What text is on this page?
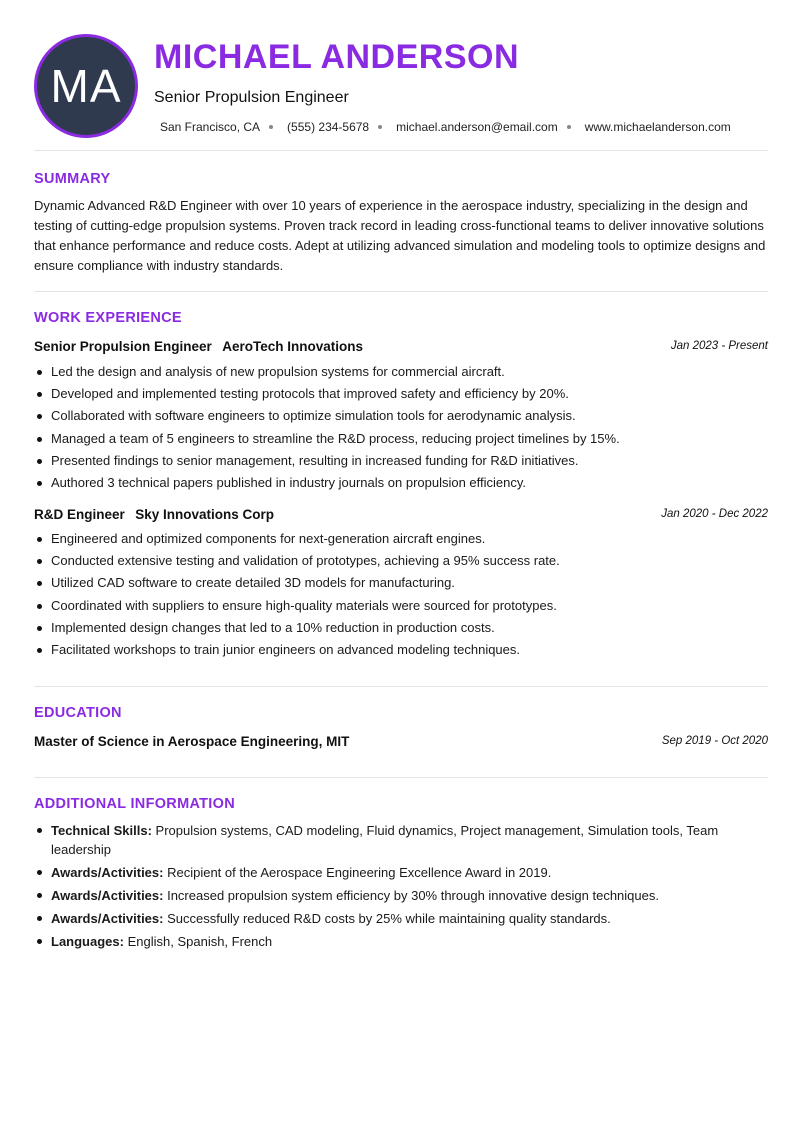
MA
MICHAEL ANDERSON
Senior Propulsion Engineer
San Francisco, CA (555) 234-5678 michael.anderson@email.com www.michaelanderson.com
SUMMARY
Dynamic Advanced R&D Engineer with over 10 years of experience in the aerospace industry, specializing in the design and testing of cutting-edge propulsion systems. Proven track record in leading cross-functional teams to deliver innovative solutions that enhance performance and reduce costs. Adept at utilizing advanced simulation and modeling tools to optimize designs and ensure compliance with industry standards.
WORK EXPERIENCE
Senior Propulsion Engineer AeroTech Innovations	Jan 2023 - Present
Led the design and analysis of new propulsion systems for commercial aircraft.
Developed and implemented testing protocols that improved safety and efficiency by 20%.
Collaborated with software engineers to optimize simulation tools for aerodynamic analysis.
Managed a team of 5 engineers to streamline the R&D process, reducing project timelines by 15%.
Presented findings to senior management, resulting in increased funding for R&D initiatives.
Authored 3 technical papers published in industry journals on propulsion efficiency.
R&D Engineer Sky Innovations Corp	Jan 2020 - Dec 2022
Engineered and optimized components for next-generation aircraft engines.
Conducted extensive testing and validation of prototypes, achieving a 95% success rate.
Utilized CAD software to create detailed 3D models for manufacturing.
Coordinated with suppliers to ensure high-quality materials were sourced for prototypes.
Implemented design changes that led to a 10% reduction in production costs.
Facilitated workshops to train junior engineers on advanced modeling techniques.
EDUCATION
Master of Science in Aerospace Engineering, MIT	Sep 2019 - Oct 2020
ADDITIONAL INFORMATION
Technical Skills: Propulsion systems, CAD modeling, Fluid dynamics, Project management, Simulation tools, Team leadership
Awards/Activities: Recipient of the Aerospace Engineering Excellence Award in 2019.
Awards/Activities: Increased propulsion system efficiency by 30% through innovative design techniques.
Awards/Activities: Successfully reduced R&D costs by 25% while maintaining quality standards.
Languages: English, Spanish, French
